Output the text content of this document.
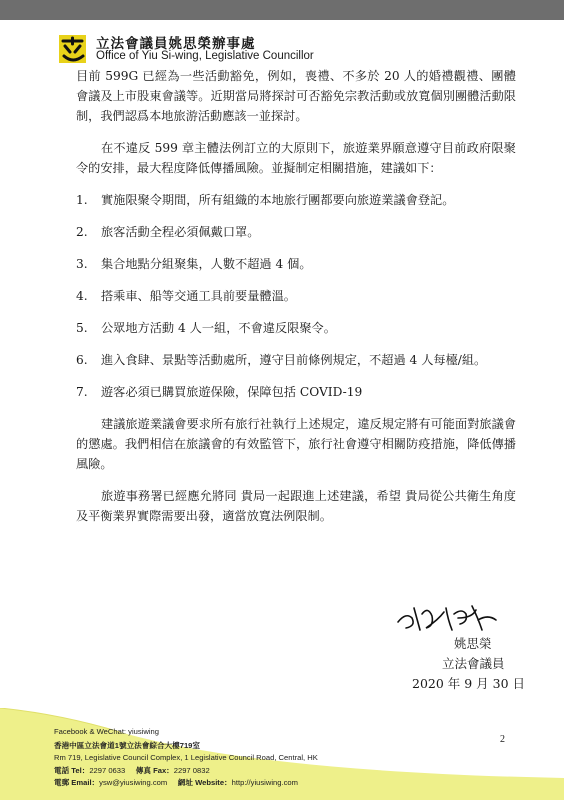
立法會議員姚思榮辦事處
Office of Yiu Si-wing, Legislative Councillor

目前 599G 已經為一些活動豁免，例如，喪禮、不多於 20 人的婚禮觀禮、團體會議及上市股東會議等。近期當局將探討可否豁免宗教活動或放寬個別團體活動限制，我們認爲本地旅游活動應該一並探討。

在不違反 599 章主體法例訂立的大原則下，旅遊業界願意遵守目前政府限聚令的安排，最大程度降低傳播風險。並擬制定相關措施，建議如下：

1. 實施限聚令期間，所有組織的本地旅行團都要向旅遊業議會登記。
2. 旅客活動全程必須佩戴口罩。
3. 集合地點分組聚集，人數不超過 4 個。
4. 搭乘車、船等交通工具前要量體溫。
5. 公眾地方活動 4 人一組，不會違反限聚令。
6. 進入食肆、景點等活動處所，遵守目前條例規定，不超過 4 人每檯/組。
7. 遊客必須已購買旅遊保險，保障包括 COVID-19

建議旅遊業議會要求所有旅行社執行上述規定，違反規定將有可能面對旅議會的懲處。我們相信在旅議會的有效監管下，旅行社會遵守相關防疫措施，降低傳播風險。

旅遊事務署已經應允將同 貴局一起跟進上述建議，希望 貴局從公共衛生角度及平衡業界實際需要出發，適當放寬法例限制。

姚思榮
立法會議員
2020 年 9 月 30 日
Facebook & WeChat: yiusiwing
香港中區立法會道1號立法會綜合大樓719室
Rm 719, Legislative Council Complex, 1 Legislative Council Road, Central, HK
電話 Tel：2297 0633 傳真 Fax：2297 0832
電郵 Email：ysw@yiusiwing.com 網址 Website：http://yiusiwing.com
2
